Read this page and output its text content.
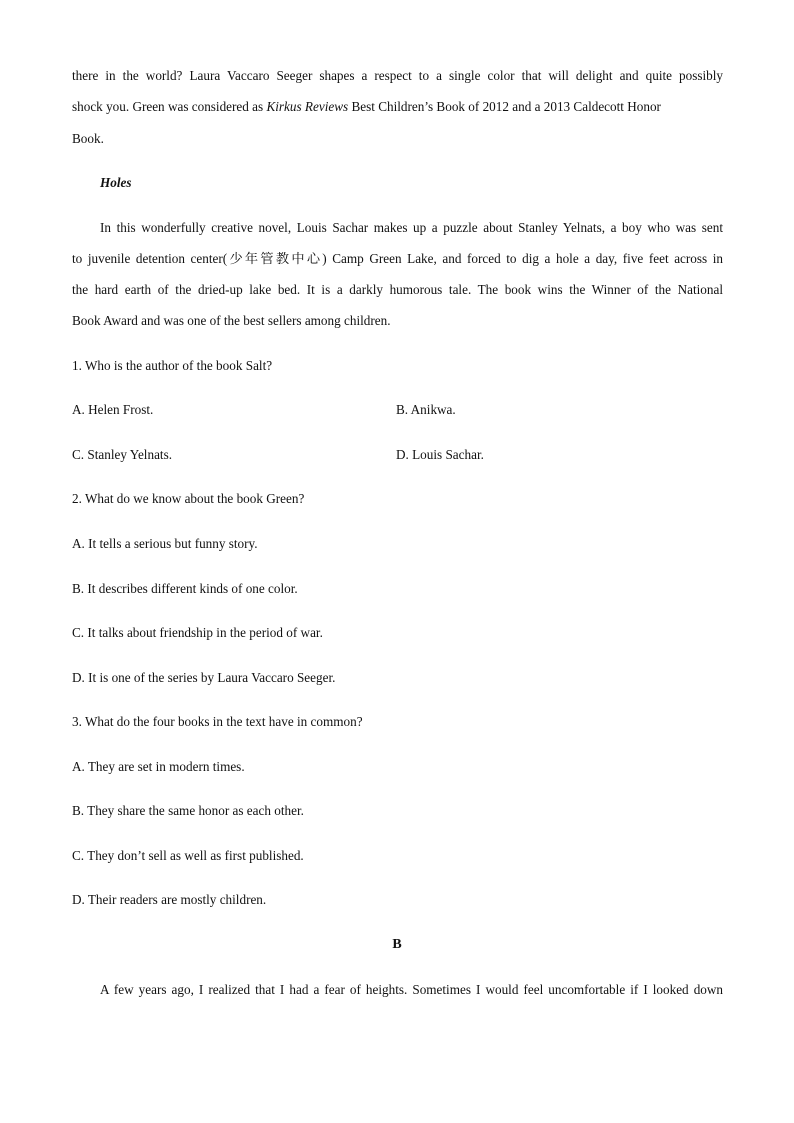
there in the world? Laura Vaccaro Seeger shapes a respect to a single color that will delight and quite possibly
shock you. Green was considered as Kirkus Reviews Best Children’s Book of 2012 and a 2013 Caldecott Honor
Book.
Holes
In this wonderfully creative novel, Louis Sachar makes up a puzzle about Stanley Yelnats, a boy who was sent
to juvenile detention center(少年管教中心) Camp Green Lake, and forced to dig a hole a day, five feet across in
the hard earth of the dried-up lake bed. It is a darkly humorous tale. The book wins the Winner of the National
Book Award and was one of the best sellers among children.
1. Who is the author of the book Salt?
A. Helen Frost.	B. Anikwa.
C. Stanley Yelnats.	D. Louis Sachar.
2. What do we know about the book Green?
A. It tells a serious but funny story.
B. It describes different kinds of one color.
C. It talks about friendship in the period of war.
D. It is one of the series by Laura Vaccaro Seeger.
3. What do the four books in the text have in common?
A. They are set in modern times.
B. They share the same honor as each other.
C. They don’t sell as well as first published.
D. Their readers are mostly children.
B
A few years ago, I realized that I had a fear of heights. Sometimes I would feel uncomfortable if I looked down
